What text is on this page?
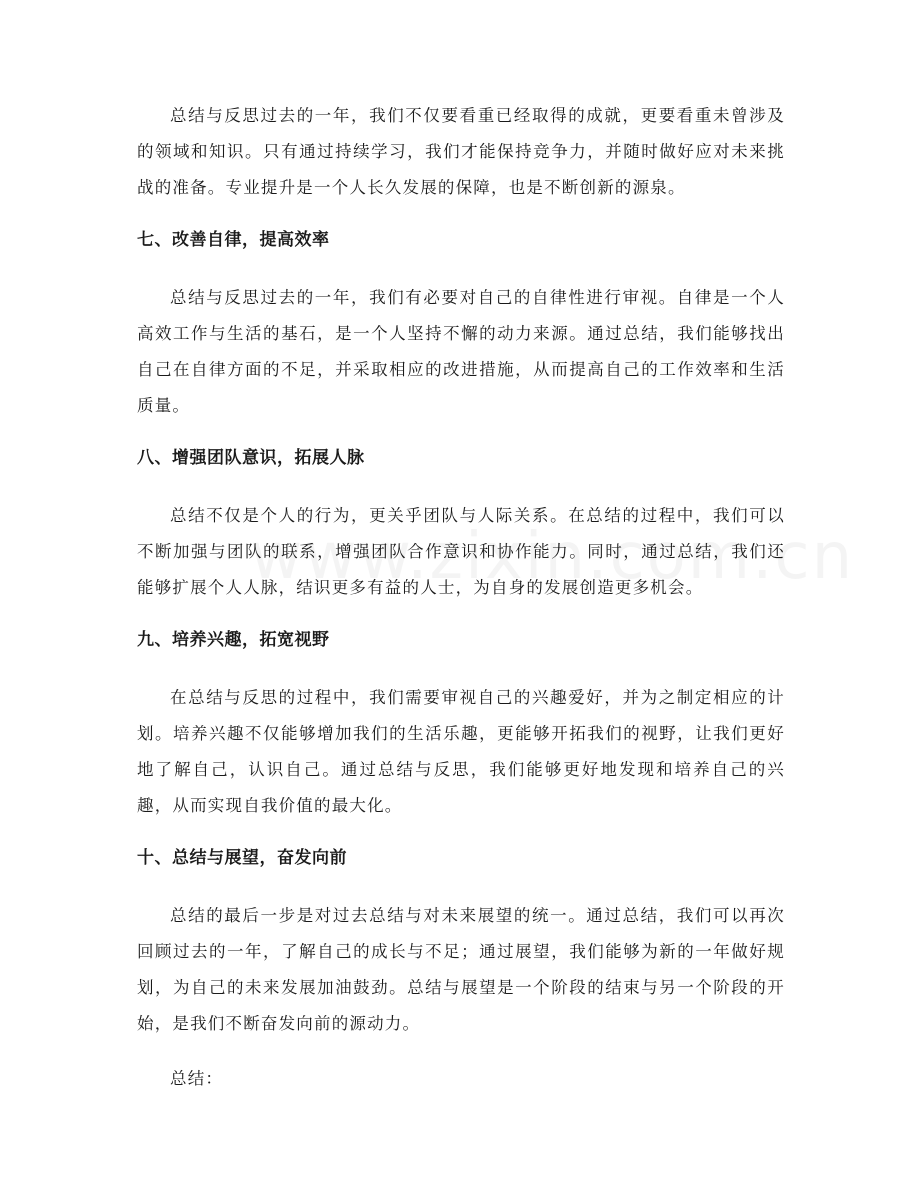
总结与反思过去的一年，我们不仅要看重已经取得的成就，更要看重未曾涉及的领域和知识。只有通过持续学习，我们才能保持竞争力，并随时做好应对未来挑战的准备。专业提升是一个人长久发展的保障，也是不断创新的源泉。

七、改善自律，提高效率

总结与反思过去的一年，我们有必要对自己的自律性进行审视。自律是一个人高效工作与生活的基石，是一个人坚持不懈的动力来源。通过总结，我们能够找出自己在自律方面的不足，并采取相应的改进措施，从而提高自己的工作效率和生活质量。

八、增强团队意识，拓展人脉

总结不仅是个人的行为，更关乎团队与人际关系。在总结的过程中，我们可以不断加强与团队的联系，增强团队合作意识和协作能力。同时，通过总结，我们还能够扩展个人人脉，结识更多有益的人士，为自身的发展创造更多机会。

九、培养兴趣，拓宽视野

在总结与反思的过程中，我们需要审视自己的兴趣爱好，并为之制定相应的计划。培养兴趣不仅能够增加我们的生活乐趣，更能够开拓我们的视野，让我们更好地了解自己，认识自己。通过总结与反思，我们能够更好地发现和培养自己的兴趣，从而实现自我价值的最大化。

十、总结与展望，奋发向前

总结的最后一步是对过去总结与对未来展望的统一。通过总结，我们可以再次回顾过去的一年，了解自己的成长与不足；通过展望，我们能够为新的一年做好规划，为自己的未来发展加油鼓劲。总结与展望是一个阶段的结束与另一个阶段的开始，是我们不断奋发向前的源动力。

总结：
